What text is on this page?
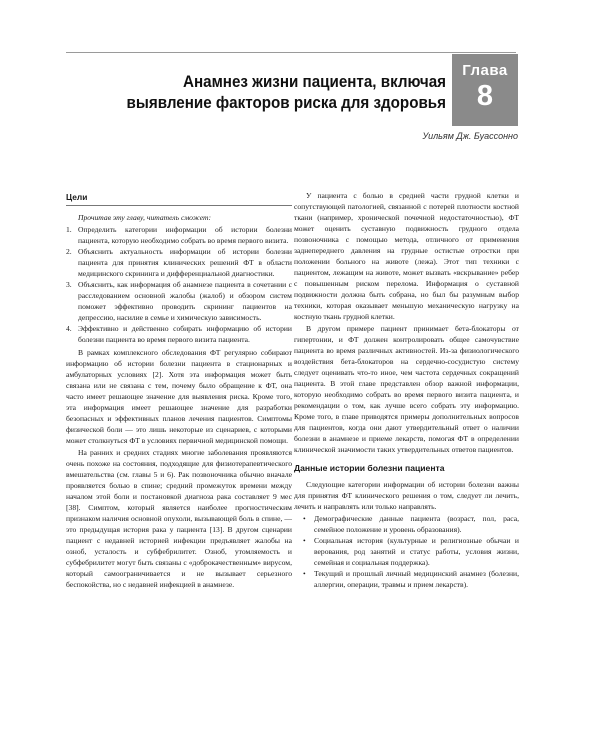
Глава
8
Анамнез жизни пациента, включая
выявление факторов риска для здоровья
Уильям Дж. Буассонно
Цели

Прочитав эту главу, читатель сможет:

1. Определить категории информации об истории болезни пациента, которую необходимо собрать во время первого визита.
2. Объяснить актуальность информации об истории болезни пациента для принятия клинических решений ФТ в области медицинского скрининга и дифференциальной диагностики.
3. Объяснить, как информация об анамнезе пациента в сочетании с расследованием основной жалобы (жалоб) и обзором систем поможет эффективно проводить скрининг пациентов на депрессию, насилие в семье и химическую зависимость.
4. Эффективно и действенно собирать информацию об истории болезни пациента во время первого визита пациента.

В рамках комплексного обследования ФТ регулярно собирают информацию об истории болезни пациента в стационарных и амбулаторных условиях [2]. Хотя эта информация может быть связана или не связана с тем, почему было обращение к ФТ, она часто имеет решающее значение для выявления риска. Кроме того, эта информация имеет решающее значение для разработки безопасных и эффективных планов лечения пациентов. Симптомы физической боли — это лишь некоторые из сценариев, с которыми может столкнуться ФТ в условиях первичной медицинской помощи.

На ранних и средних стадиях многие заболевания проявляются очень похоже на состояния, подходящие для физиотерапевтического вмешательства (см. главы 5 и 6). Рак позвоночника обычно вначале проявляется болью в спине; средний промежуток времени между началом этой боли и постановкой диагноза рака составляет 9 мес [38]. Симптом, который является наиболее прогностическим признаком наличия основной опухоли, вызывающей боль в спине, — это предыдущая история рака у пациента [13]. В другом сценарии пациент с недавней историей инфекции предъявляет жалобы на озноб, усталость и субфебрилитет. Озноб, утомляемость и субфебрилитет могут быть связаны с «доброкачественным» вирусом, который самоограничивается и не вызывает серьезного беспокойства, но с недавней инфекцией в анамнезе.

У пациента с болью в средней части грудной клетки и сопутствующей патологией, связанной с потерей плотности костной ткани (например, хронической почечной недостаточностью), ФТ может оценить суставную подвижность грудного отдела позвоночника с помощью метода, отличного от применения заднепереднего давления на грудные остистые отростки при положении больного на животе (лежа). Этот тип техники с пациентом, лежащим на животе, может вызвать «вскрывание» ребер с повышенным риском перелома. Информация о суставной подвижности должна быть собрана, но был бы разумным выбор техники, которая оказывает меньшую механическую нагрузку на костную ткань грудной клетки.

В другом примере пациент принимает бета-блокаторы от гипертонии, и ФТ должен контролировать общее самочувствие пациента во время различных активностей. Из-за физиологического воздействия бета-блокаторов на сердечно-сосудистую систему следует оценивать что-то иное, чем частота сердечных сокращений пациента. В этой главе представлен обзор важной информации, которую необходимо собрать во время первого визита пациента, и рекомендации о том, как лучше всего собрать эту информацию. Кроме того, в главе приводятся примеры дополнительных вопросов для пациентов, когда они дают утвердительный ответ о наличии болезни в анамнезе и приеме лекарств, помогая ФТ в определении клинической значимости таких утвердительных ответов пациентов.

Данные истории болезни пациента

Следующие категории информации об истории болезни важны для принятия ФТ клинического решения о том, следует ли лечить, лечить и направлять или только направлять.

• Демографические данные пациента (возраст, пол, раса, семейное положение и уровень образования).
• Социальная история (культурные и религиозные обычаи и верования, род занятий и статус работы, условия жизни, семейная и социальная поддержка).
• Текущий и прошлый личный медицинский анамнез (болезни, аллергии, операции, травмы и прием лекарств).
